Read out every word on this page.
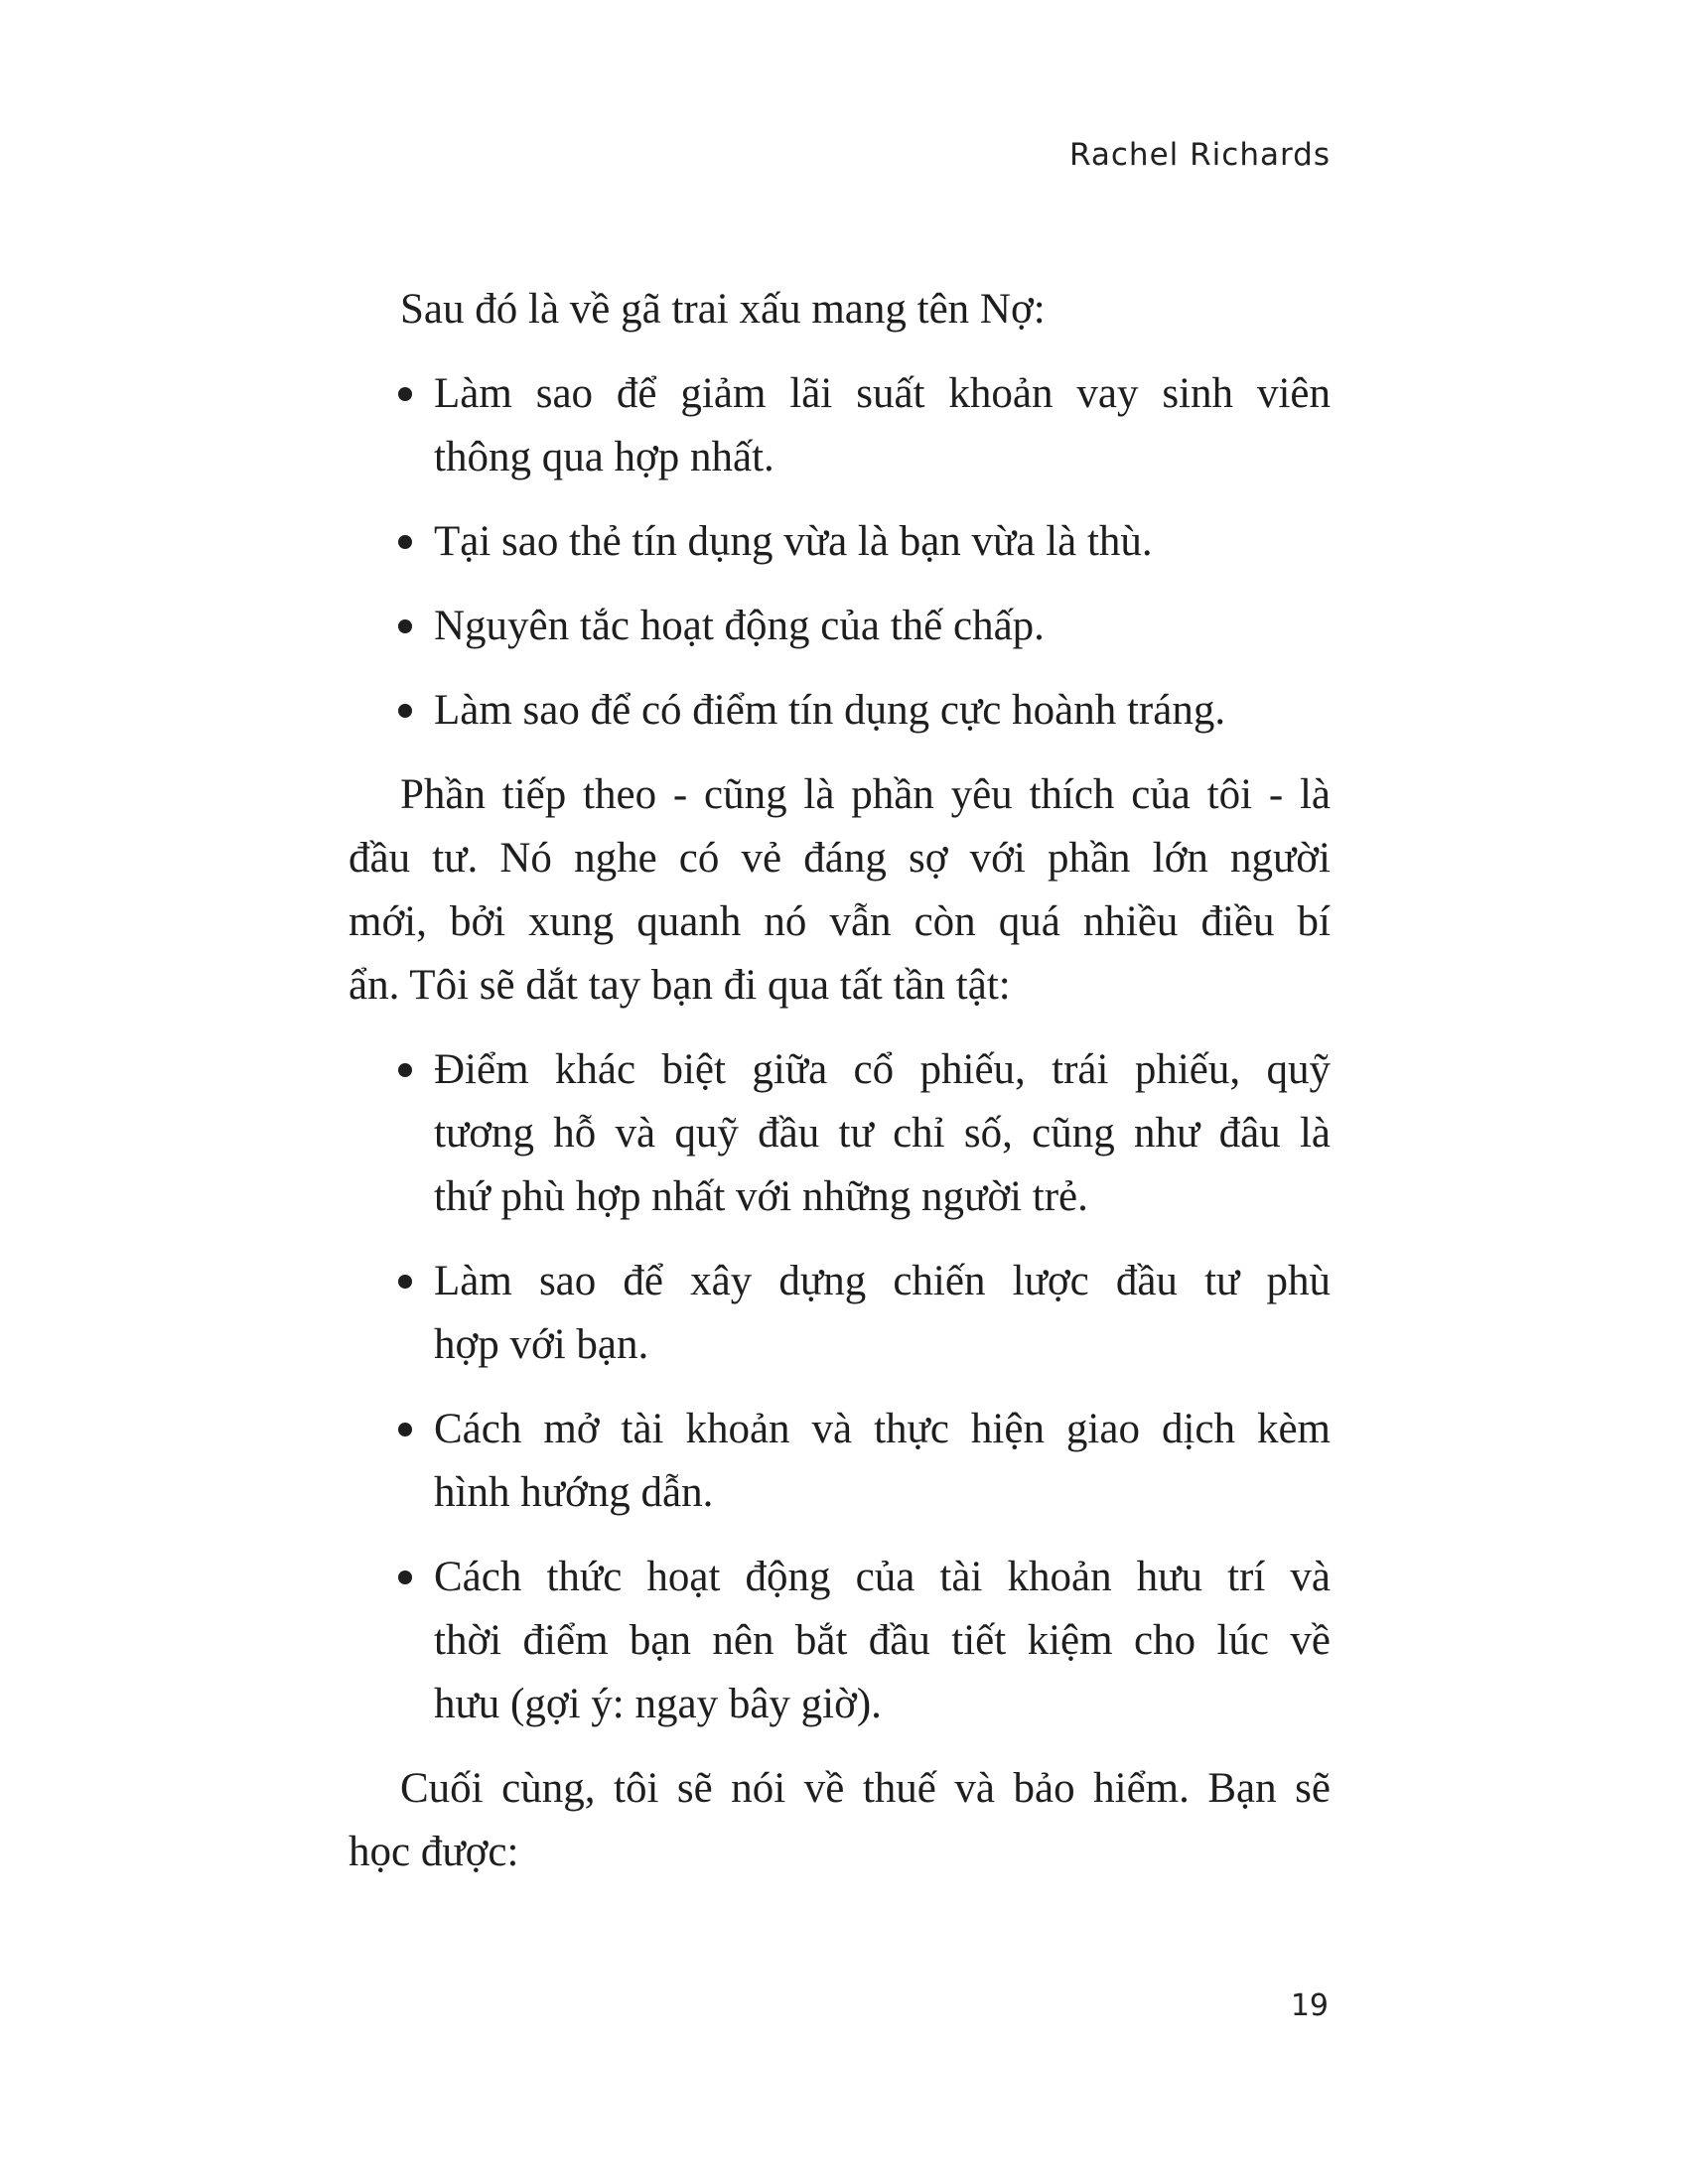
Rachel Richards
Sau đó là về gã trai xấu mang tên Nợ:
Làm sao để giảm lãi suất khoản vay sinh viên
thông qua hợp nhất.
Tại sao thẻ tín dụng vừa là bạn vừa là thù.
Nguyên tắc hoạt động của thế chấp.
Làm sao để có điểm tín dụng cực hoành tráng.
Phần tiếp theo - cũng là phần yêu thích của tôi - là
đầu tư. Nó nghe có vẻ đáng sợ với phần lớn người
mới, bởi xung quanh nó vẫn còn quá nhiều điều bí
ẩn. Tôi sẽ dắt tay bạn đi qua tất tần tật:
Điểm khác biệt giữa cổ phiếu, trái phiếu, quỹ
tương hỗ và quỹ đầu tư chỉ số, cũng như đâu là
thứ phù hợp nhất với những người trẻ.
Làm sao để xây dựng chiến lược đầu tư phù
hợp với bạn.
Cách mở tài khoản và thực hiện giao dịch kèm
hình hướng dẫn.
Cách thức hoạt động của tài khoản hưu trí và
thời điểm bạn nên bắt đầu tiết kiệm cho lúc về
hưu (gợi ý: ngay bây giờ).
Cuối cùng, tôi sẽ nói về thuế và bảo hiểm. Bạn sẽ
học được:
19
